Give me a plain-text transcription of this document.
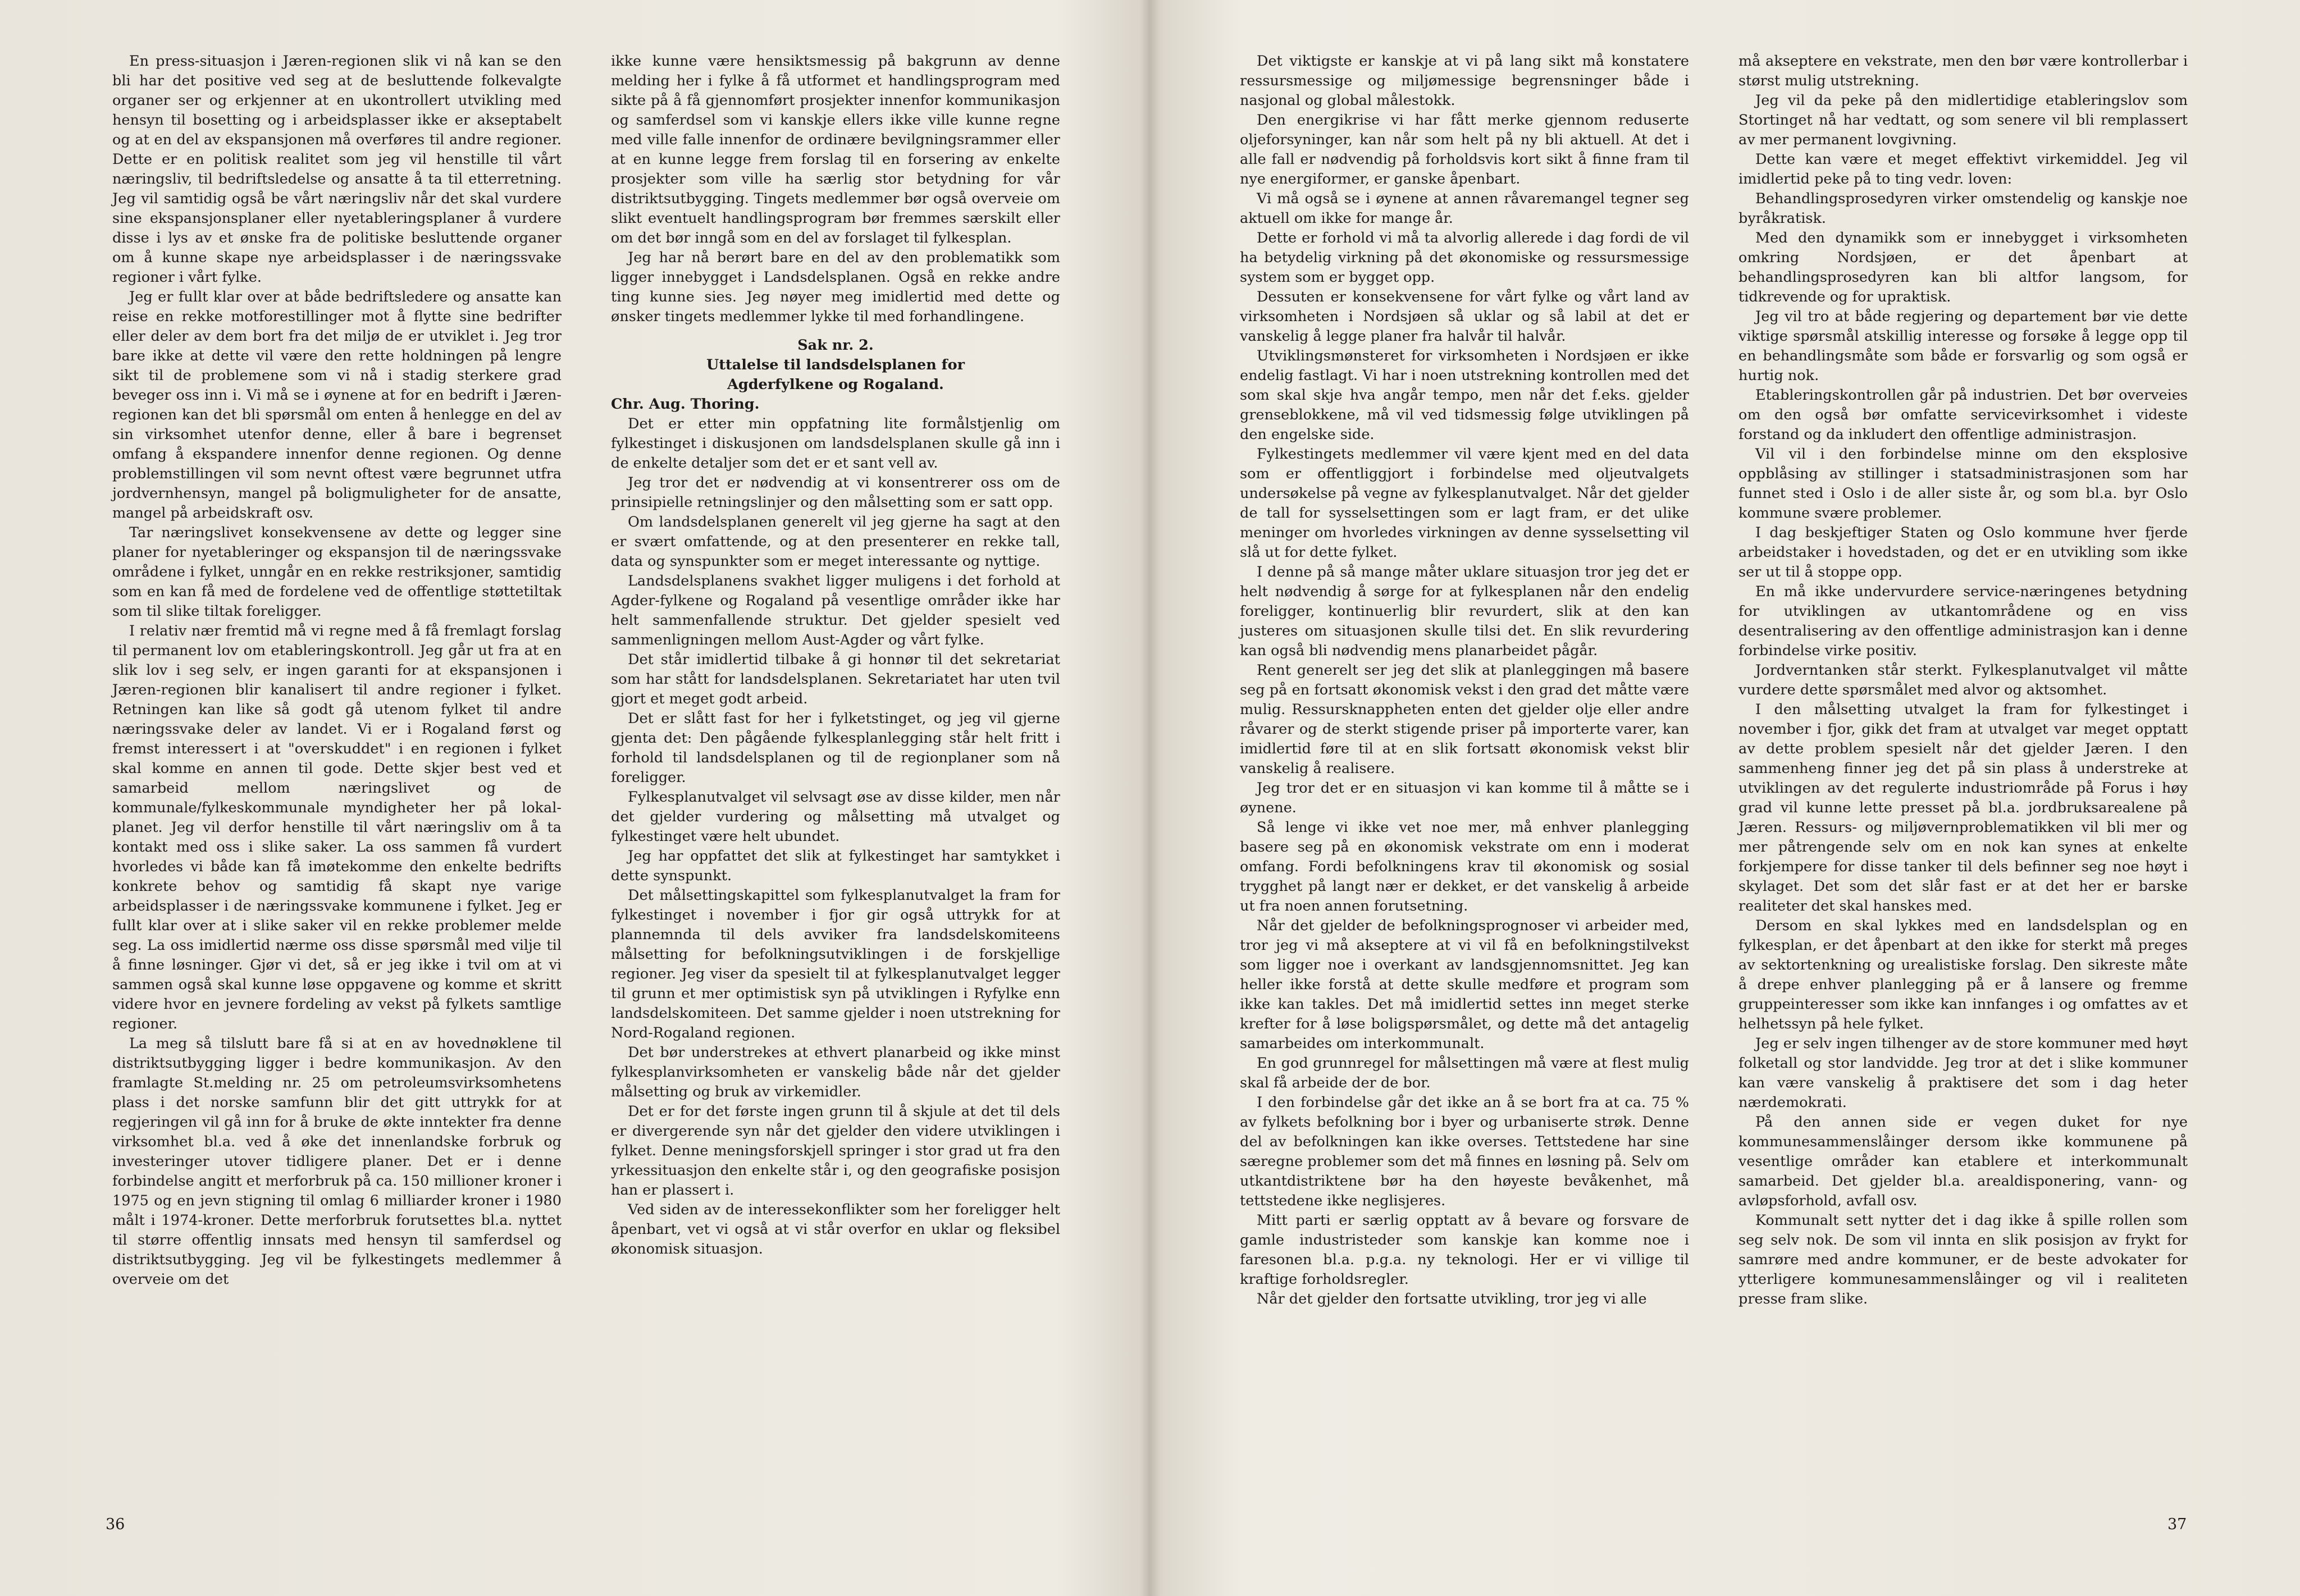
En press-situasjon i Jæren-regionen slik vi nå kan se den bli har det positive ved seg at de besluttende folkevalgte organer ser og erkjenner at en ukontrollert utvikling med hensyn til bosetting og i arbeidsplasser ikke er akseptabelt og at en del av ekspansjonen må overføres til andre regioner. Dette er en politisk realitet som jeg vil henstille til vårt næringsliv, til bedriftsledelse og ansatte å ta til etterretning. Jeg vil samtidig også be vårt næringsliv når det skal vurdere sine ekspansjonsplaner eller nyetableringsplaner å vurdere disse i lys av et ønske fra de politiske besluttende organer om å kunne skape nye arbeidsplasser i de næringssvake regioner i vårt fylke.

Jeg er fullt klar over at både bedriftsledere og ansatte kan reise en rekke motforestillinger mot å flytte sine bedrifter eller deler av dem bort fra det miljø de er utviklet i. Jeg tror bare ikke at dette vil være den rette holdningen på lengre sikt til de problemene som vi nå i stadig sterkere grad beveger oss inn i. Vi må se i øynene at for en bedrift i Jæren-regionen kan det bli spørsmål om enten å henlegge en del av sin virksomhet utenfor denne, eller å bare i begrenset omfang å ekspandere innenfor denne regionen. Og denne problemstillingen vil som nevnt oftest være begrunnet utfra jordvernhensyn, mangel på boligmuligheter for de ansatte, mangel på arbeidskraft osv.

Tar næringslivet konsekvensene av dette og legger sine planer for nyetableringer og ekspansjon til de næringssvake områdene i fylket, unngår en en rekke restriksjoner, samtidig som en kan få med de fordelene ved de offentlige støttetiltak som til slike tiltak foreligger.

I relativ nær fremtid må vi regne med å få fremlagt forslag til permanent lov om etableringskontroll. Jeg går ut fra at en slik lov i seg selv, er ingen garanti for at ekspansjonen i Jæren-regionen blir kanalisert til andre regioner i fylket. Retningen kan like så godt gå utenom fylket til andre næringssvake deler av landet. Vi er i Rogaland først og fremst interessert i at "overskuddet" i en regionen i fylket skal komme en annen til gode. Dette skjer best ved et samarbeid mellom næringslivet og de kommunale/fylkeskommunale myndigheter her på lokal-planet. Jeg vil derfor henstille til vårt næringsliv om å ta kontakt med oss i slike saker. La oss sammen få vurdert hvorledes vi både kan få imøtekomme den enkelte bedrifts konkrete behov og samtidig få skapt nye varige arbeidsplasser i de næringssvake kommunene i fylket. Jeg er fullt klar over at i slike saker vil en rekke problemer melde seg. La oss imidlertid nærme oss disse spørsmål med vilje til å finne løsninger. Gjør vi det, så er jeg ikke i tvil om at vi sammen også skal kunne løse oppgavene og komme et skritt videre hvor en jevnere fordeling av vekst på fylkets samtlige regioner.

La meg så tilslutt bare få si at en av hovednøklene til distriktsutbygging ligger i bedre kommunikasjon. Av den framlagte St.melding nr. 25 om petroleumsvirksomhetens plass i det norske samfunn blir det gitt uttrykk for at regjeringen vil gå inn for å bruke de økte inntekter fra denne virksomhet bl.a. ved å øke det innenlandske forbruk og investeringer utover tidligere planer. Det er i denne forbindelse angitt et merforbruk på ca. 150 millioner kroner i 1975 og en jevn stigning til omlag 6 milliarder kroner i 1980 målt i 1974-kroner. Dette merforbruk forutsettes bl.a. nyttet til større offentlig innsats med hensyn til samferdsel og distriktsutbygging. Jeg vil be fylkestingets medlemmer å overveie om det

ikke kunne være hensiktsmessig på bakgrunn av denne melding her i fylke å få utformet et handlingsprogram med sikte på å få gjennomført prosjekter innenfor kommunikasjon og samferdsel som vi kanskje ellers ikke ville kunne regne med ville falle innenfor de ordinære bevilgningsrammer eller at en kunne legge frem forslag til en forsering av enkelte prosjekter som ville ha særlig stor betydning for vår distriktsutbygging. Tingets medlemmer bør også overveie om slikt eventuelt handlingsprogram bør fremmes særskilt eller om det bør inngå som en del av forslaget til fylkesplan.

Jeg har nå berørt bare en del av den problematikk som ligger innebygget i Landsdelsplanen. Også en rekke andre ting kunne sies. Jeg nøyer meg imidlertid med dette og ønsker tingets medlemmer lykke til med forhandlingene.

Sak nr. 2.

Uttalelse til landsdelsplanen for

Agderfylkene og Rogaland.

Chr. Aug. Thoring.

Det er etter min oppfatning lite formålstjenlig om fylkestinget i diskusjonen om landsdelsplanen skulle gå inn i de enkelte detaljer som det er et sant vell av.

Jeg tror det er nødvendig at vi konsentrerer oss om de prinsipielle retningslinjer og den målsetting som er satt opp.

Om landsdelsplanen generelt vil jeg gjerne ha sagt at den er svært omfattende, og at den presenterer en rekke tall, data og synspunkter som er meget interessante og nyttige.

Landsdelsplanens svakhet ligger muligens i det forhold at Agder-fylkene og Rogaland på vesentlige områder ikke har helt sammenfallende struktur. Det gjelder spesielt ved sammenligningen mellom Aust-Agder og vårt fylke.

Det står imidlertid tilbake å gi honnør til det sekretariat som har stått for landsdelsplanen. Sekretariatet har uten tvil gjort et meget godt arbeid.

Det er slått fast for her i fylketstinget, og jeg vil gjerne gjenta det: Den pågående fylkesplanlegging står helt fritt i forhold til landsdelsplanen og til de regionplaner som nå foreligger.

Fylkesplanutvalget vil selvsagt øse av disse kilder, men når det gjelder vurdering og målsetting må utvalget og fylkestinget være helt ubundet.

Jeg har oppfattet det slik at fylkestinget har samtykket i dette synspunkt.

Det målsettingskapittel som fylkesplanutvalget la fram for fylkestinget i november i fjor gir også uttrykk for at plannemnda til dels avviker fra landsdelskomiteens målsetting for befolkningsutviklingen i de forskjellige regioner. Jeg viser da spesielt til at fylkesplanutvalget legger til grunn et mer optimistisk syn på utviklingen i Ryfylke enn landsdelskomiteen. Det samme gjelder i noen utstrekning for Nord-Rogaland regionen.

Det bør understrekes at ethvert planarbeid og ikke minst fylkesplanvirksomheten er vanskelig både når det gjelder målsetting og bruk av virkemidler.

Det er for det første ingen grunn til å skjule at det til dels er divergerende syn når det gjelder den videre utviklingen i fylket. Denne meningsforskjell springer i stor grad ut fra den yrkessituasjon den enkelte står i, og den geografiske posisjon han er plassert i.

Ved siden av de interessekonflikter som her foreligger helt åpenbart, vet vi også at vi står overfor en uklar og fleksibel økonomisk situasjon.

36

Det viktigste er kanskje at vi på lang sikt må konstatere ressursmessige og miljømessige begrensninger både i nasjonal og global målestokk.

Den energikrise vi har fått merke gjennom reduserte oljeforsyninger, kan når som helt på ny bli aktuell. At det i alle fall er nødvendig på forholdsvis kort sikt å finne fram til nye energiformer, er ganske åpenbart.

Vi må også se i øynene at annen råvaremangel tegner seg aktuell om ikke for mange år.

Dette er forhold vi må ta alvorlig allerede i dag fordi de vil ha betydelig virkning på det økonomiske og ressursmessige system som er bygget opp.

Dessuten er konsekvensene for vårt fylke og vårt land av virksomheten i Nordsjøen så uklar og så labil at det er vanskelig å legge planer fra halvår til halvår.

Utviklingsmønsteret for virksomheten i Nordsjøen er ikke endelig fastlagt. Vi har i noen utstrekning kontrollen med det som skal skje hva angår tempo, men når det f.eks. gjelder grenseblokkene, må vil ved tidsmessig følge utviklingen på den engelske side.

Fylkestingets medlemmer vil være kjent med en del data som er offentliggjort i forbindelse med oljeutvalgets undersøkelse på vegne av fylkesplanutvalget. Når det gjelder de tall for sysselsettingen som er lagt fram, er det ulike meninger om hvorledes virkningen av denne sysselsetting vil slå ut for dette fylket.

I denne på så mange måter uklare situasjon tror jeg det er helt nødvendig å sørge for at fylkesplanen når den endelig foreligger, kontinuerlig blir revurdert, slik at den kan justeres om situasjonen skulle tilsi det. En slik revurdering kan også bli nødvendig mens planarbeidet pågår.

Rent generelt ser jeg det slik at planleggingen må basere seg på en fortsatt økonomisk vekst i den grad det måtte være mulig. Ressursknappheten enten det gjelder olje eller andre råvarer og de sterkt stigende priser på importerte varer, kan imidlertid føre til at en slik fortsatt økonomisk vekst blir vanskelig å realisere.

Jeg tror det er en situasjon vi kan komme til å måtte se i øynene.

Så lenge vi ikke vet noe mer, må enhver planlegging basere seg på en økonomisk vekstrate om enn i moderat omfang. Fordi befolkningens krav til økonomisk og sosial trygghet på langt nær er dekket, er det vanskelig å arbeide ut fra noen annen forutsetning.

Når det gjelder de befolkningsprognoser vi arbeider med, tror jeg vi må akseptere at vi vil få en befolkningstilvekst som ligger noe i overkant av landsgjennomsnittet. Jeg kan heller ikke forstå at dette skulle medføre et program som ikke kan takles. Det må imidlertid settes inn meget sterke krefter for å løse boligspørsmålet, og dette må det antagelig samarbeides om interkommunalt.

En god grunnregel for målsettingen må være at flest mulig skal få arbeide der de bor.

I den forbindelse går det ikke an å se bort fra at ca. 75 % av fylkets befolkning bor i byer og urbaniserte strøk. Denne del av befolkningen kan ikke overses. Tettstedene har sine særegne problemer som det må finnes en løsning på. Selv om utkantdistriktene bør ha den høyeste bevåkenhet, må tettstedene ikke neglisjeres.

Mitt parti er særlig opptatt av å bevare og forsvare de gamle industristeder som kanskje kan komme noe i faresonen bl.a. p.g.a. ny teknologi. Her er vi villige til kraftige forholdsregler.

Når det gjelder den fortsatte utvikling, tror jeg vi alle

må akseptere en vekstrate, men den bør være kontrollerbar i størst mulig utstrekning.

Jeg vil da peke på den midlertidige etableringslov som Stortinget nå har vedtatt, og som senere vil bli remplassert av mer permanent lovgivning.

Dette kan være et meget effektivt virkemiddel. Jeg vil imidlertid peke på to ting vedr. loven:

Behandlingsprosedyren virker omstendelig og kanskje noe byråkratisk.

Med den dynamikk som er innebygget i virksomheten omkring Nordsjøen, er det åpenbart at behandlingsprosedyren kan bli altfor langsom, for tidkrevende og for upraktisk.

Jeg vil tro at både regjering og departement bør vie dette viktige spørsmål atskillig interesse og forsøke å legge opp til en behandlingsmåte som både er forsvarlig og som også er hurtig nok.

Etableringskontrollen går på industrien. Det bør overveies om den også bør omfatte servicevirksomhet i videste forstand og da inkludert den offentlige administrasjon.

Vil vil i den forbindelse minne om den eksplosive oppblåsing av stillinger i statsadministrasjonen som har funnet sted i Oslo i de aller siste år, og som bl.a. byr Oslo kommune svære problemer.

I dag beskjeftiger Staten og Oslo kommune hver fjerde arbeidstaker i hovedstaden, og det er en utvikling som ikke ser ut til å stoppe opp.

En må ikke undervurdere service-næringenes betydning for utviklingen av utkantområdene og en viss desentralisering av den offentlige administrasjon kan i denne forbindelse virke positiv.

Jordverntanken står sterkt. Fylkesplanutvalget vil måtte vurdere dette spørsmålet med alvor og aktsomhet.

I den målsetting utvalget la fram for fylkestinget i november i fjor, gikk det fram at utvalget var meget opptatt av dette problem spesielt når det gjelder Jæren. I den sammenheng finner jeg det på sin plass å understreke at utviklingen av det regulerte industriområde på Forus i høy grad vil kunne lette presset på bl.a. jordbruksarealene på Jæren. Ressurs- og miljøvernproblematikken vil bli mer og mer påtrengende selv om en nok kan synes at enkelte forkjempere for disse tanker til dels befinner seg noe høyt i skylaget. Det som det slår fast er at det her er barske realiteter det skal hanskes med.

Dersom en skal lykkes med en landsdelsplan og en fylkesplan, er det åpenbart at den ikke for sterkt må preges av sektortenkning og urealistiske forslag. Den sikreste måte å drepe enhver planlegging på er å lansere og fremme gruppeinteresser som ikke kan innfanges i og omfattes av et helhetssyn på hele fylket.

Jeg er selv ingen tilhenger av de store kommuner med høyt folketall og stor landvidde. Jeg tror at det i slike kommuner kan være vanskelig å praktisere det som i dag heter nærdemokrati.

På den annen side er vegen duket for nye kommunesammenslåinger dersom ikke kommunene på vesentlige områder kan etablere et interkommunalt samarbeid. Det gjelder bl.a. arealdisponering, vann- og avløpsforhold, avfall osv.

Kommunalt sett nytter det i dag ikke å spille rollen som seg selv nok. De som vil innta en slik posisjon av frykt for samrøre med andre kommuner, er de beste advokater for ytterligere kommunesammenslåinger og vil i realiteten presse fram slike.

37
